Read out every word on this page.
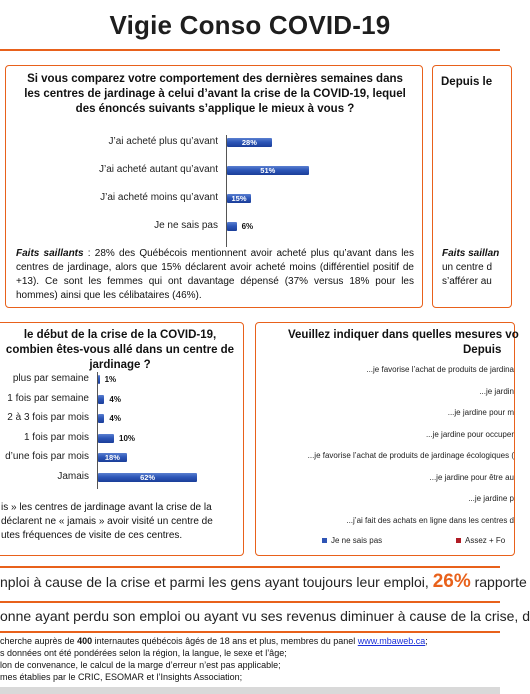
Vigie Conso COVID-19
Si vous comparez votre comportement des dernières semaines dans les centres de jardinage à celui d’avant la crise de la COVID-19, lequel des énoncés suivants s’applique le mieux à vous ?
J’ai acheté plus qu’avant	28%
J’ai acheté autant qu’avant	51%
J’ai acheté moins qu’avant	15%
Je ne sais pas	6%
Faits saillants : 28% des Québécois mentionnent avoir acheté plus qu’avant dans les centres de jardinage, alors que 15% déclarent avoir acheté moins (différentiel positif de +13). Ce sont les femmes qui ont davantage dépensé (37% versus 18% pour les hommes) ainsi que les célibataires (46%).
Depuis le
Faits saillan
un centre d
s’afférer au
le début de la crise de la COVID-19, combien êtes-vous allé dans un centre de jardinage ?
plus par semaine 1%
1 fois par semaine	4%
2 à 3 fois par mois	4%
1 fois par mois	10%
d’une fois par mois	18%
Jamais	62%
is » les centres de jardinage avant la crise de la
déclarent ne « jamais » avoir visité un centre de
utes fréquences de visite de ces centres.
Veuillez indiquer dans quelles mesures vo
Depuis
...je favorise l’achat de produits de jardina
...je jardin
...je jardine pour m
...je jardine pour occuper
...je favorise l’achat de produits de jardinage écologiques (
...je jardine pour être au
...je jardine p
...j’ai fait des achats en ligne dans les centres d
Je ne sais pas	Assez + Fo
nploi à cause de la crise et parmi les gens ayant toujours leur emploi, 26% rapporte
onne ayant perdu son emploi ou ayant vu ses revenus diminuer à cause de la crise, d
cherche auprès de 400 internautes québécois âgés de 18 ans et plus, membres du panel www.mbaweb.ca;
s données ont été pondérées selon la région, la langue, le sexe et l’âge;
lon de convenance, le calcul de la marge d’erreur n’est pas applicable;
mes établies par le CRIC, ESOMAR et l’Insights Association;
